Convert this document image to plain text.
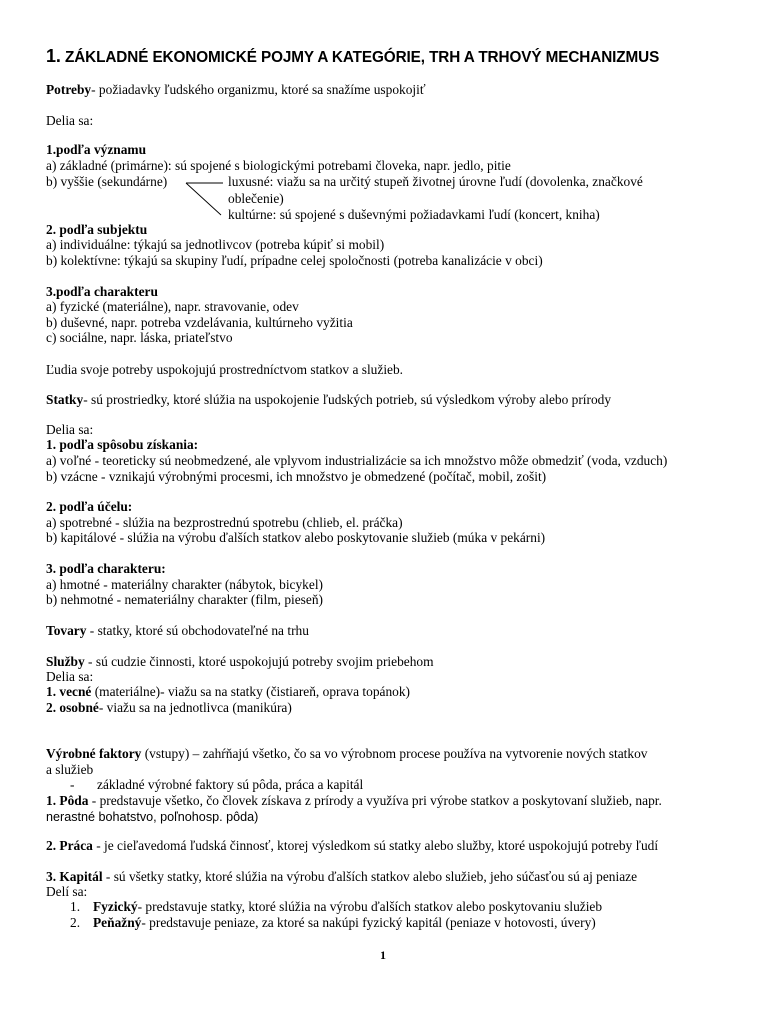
1. ZÁKLADNÉ EKONOMICKÉ POJMY A KATEGÓRIE, TRH A TRHOVÝ MECHANIZMUS
Potreby- požiadavky ľudského organizmu, ktoré sa snažíme uspokojiť
Delia sa:
1.podľa významu
a) základné (primárne): sú spojené s biologickými potrebami človeka, napr. jedlo, pitie
b) vyššie (sekundárne)	luxusné: viažu sa na určitý stupeň životnej úrovne ľudí (dovolenka, značkové
oblečenie)
kultúrne: sú spojené s duševnými požiadavkami ľudí (koncert, kniha)
2. podľa subjektu
a) individuálne: týkajú sa jednotlivcov (potreba kúpiť si mobil)
b) kolektívne: týkajú sa skupiny ľudí, prípadne celej spoločnosti (potreba kanalizácie v obci)
3.podľa charakteru
a) fyzické (materiálne), napr. stravovanie, odev
b) duševné, napr. potreba vzdelávania, kultúrneho vyžitia
c) sociálne, napr. láska, priateľstvo
Ľudia svoje potreby uspokojujú prostredníctvom statkov a služieb.
Statky- sú prostriedky, ktoré slúžia na uspokojenie ľudských potrieb, sú výsledkom výroby alebo prírody
Delia sa:
1. podľa spôsobu získania:
a) voľné - teoreticky sú neobmedzené, ale vplyvom industrializácie sa ich množstvo môže obmedziť (voda, vzduch)
b) vzácne - vznikajú výrobnými procesmi, ich množstvo je obmedzené (počítač, mobil, zošit)
2. podľa účelu:
a) spotrebné - slúžia na bezprostrednú spotrebu (chlieb, el. práčka)
b) kapitálové - slúžia na výrobu ďalších statkov alebo poskytovanie služieb (múka v pekárni)
3. podľa charakteru:
a) hmotné - materiálny charakter (nábytok, bicykel)
b) nehmotné - nemateriálny charakter (film, pieseň)
Tovary - statky, ktoré sú obchodovateľné na trhu
Služby - sú cudzie činnosti, ktoré uspokojujú potreby svojim priebehom
Delia sa:
1. vecné (materiálne)- viažu sa na statky (čistiareň, oprava topánok)
2. osobné- viažu sa na jednotlivca (manikúra)
Výrobné faktory (vstupy) – zahŕňajú všetko, čo sa vo výrobnom procese používa na vytvorenie nových statkov
a služieb
- základné výrobné faktory sú pôda, práca a kapitál
1. Pôda - predstavuje všetko, čo človek získava z prírody a využíva pri výrobe statkov a poskytovaní služieb, napr.
nerastné bohatstvo, poľnohosp. pôda)
2. Práca - je cieľavedomá ľudská činnosť, ktorej výsledkom sú statky alebo služby, ktoré uspokojujú potreby ľudí
3. Kapitál - sú všetky statky, ktoré slúžia na výrobu ďalších statkov alebo služieb, jeho súčasťou sú aj peniaze
Delí sa:
1. Fyzický- predstavuje statky, ktoré slúžia na výrobu ďalších statkov alebo poskytovaniu služieb
2. Peňažný- predstavuje peniaze, za ktoré sa nakúpi fyzický kapitál (peniaze v hotovosti, úvery)
1
